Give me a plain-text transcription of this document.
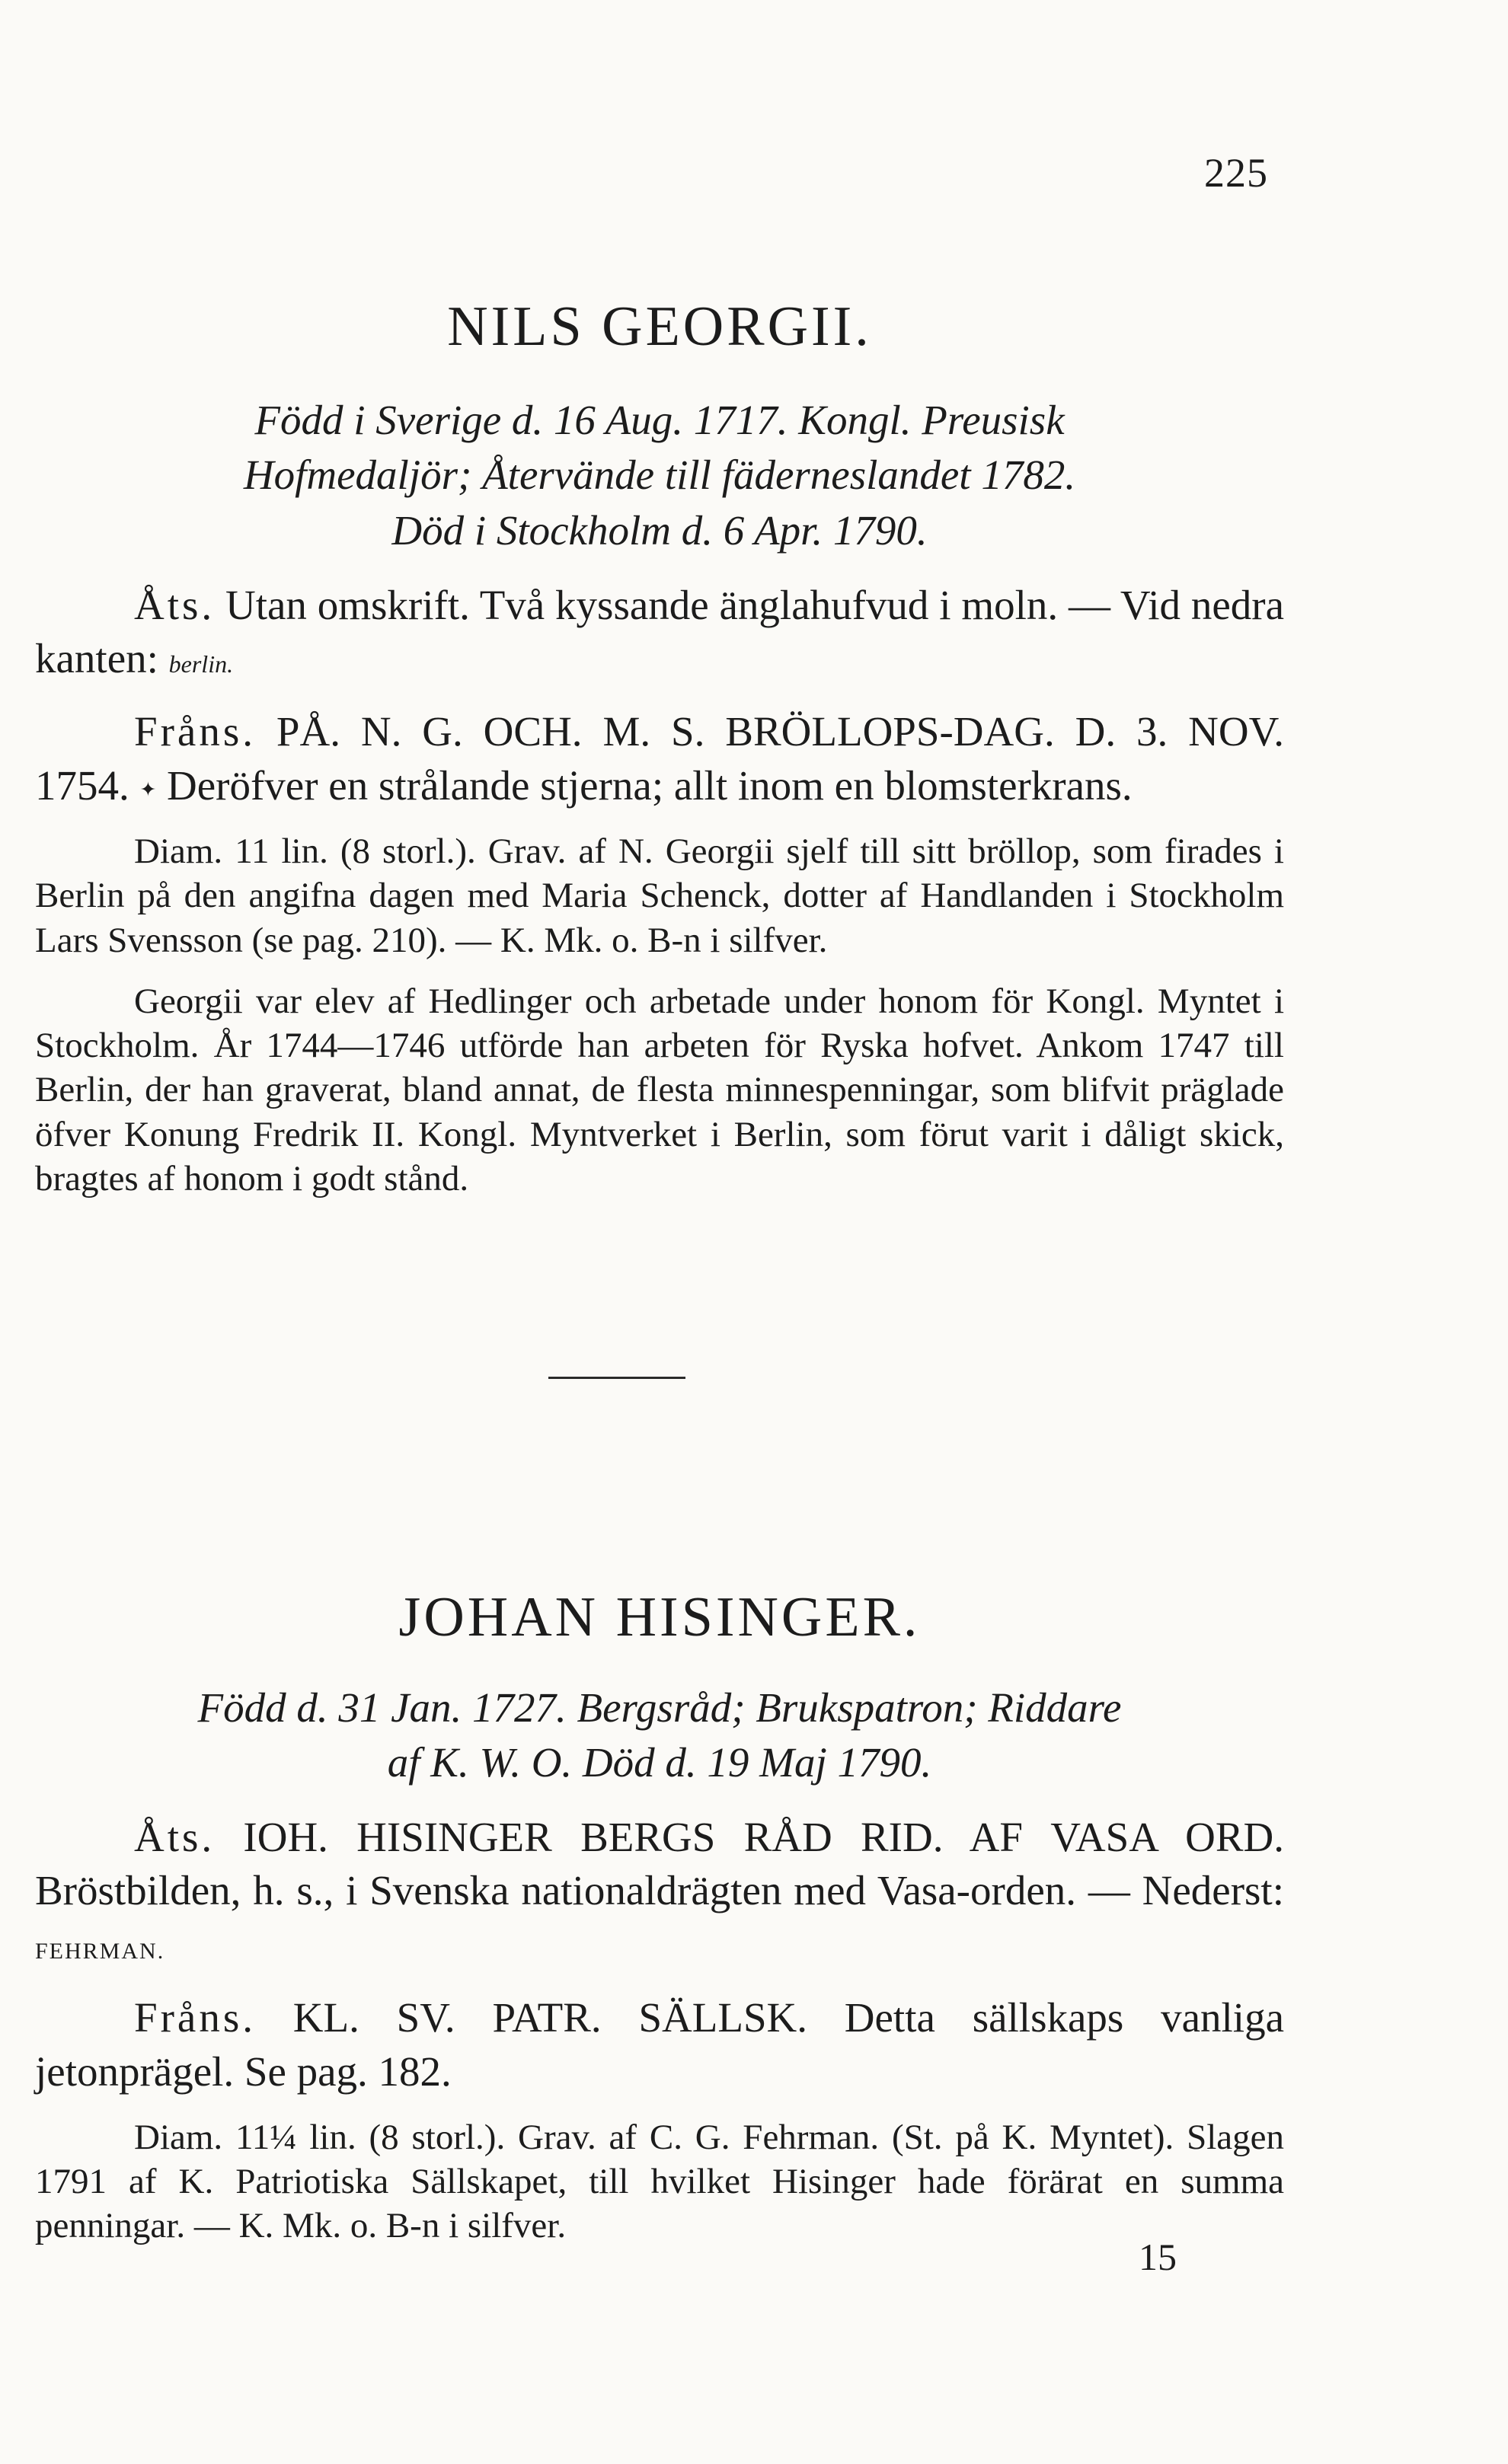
225
NILS GEORGII.
Född i Sverige d. 16 Aug. 1717. Kongl. Preusisk
Hofmedaljör; Återvände till fäderneslandet 1782.
Död i Stockholm d. 6 Apr. 1790.

Åts. Utan omskrift. Två kyssande änglahufvud i moln. — Vid nedra kanten: berlin.

Fråns. PÅ. N. G. OCH. M. S. BRÖLLOPS-DAG. D. 3. NOV. 1754. ✦ Deröfver en strålande stjerna; allt inom en blomsterkrans.

Diam. 11 lin. (8 storl.). Grav. af N. Georgii sjelf till sitt bröllop, som firades i Berlin på den angifna dagen med Maria Schenck, dotter af Handlanden i Stockholm Lars Svensson (se pag. 210). — K. Mk. o. B-n i silfver.

Georgii var elev af Hedlinger och arbetade under honom för Kongl. Myntet i Stockholm. År 1744—1746 utförde han arbeten för Ryska hofvet. Ankom 1747 till Berlin, der han graverat, bland annat, de flesta minnespenningar, som blifvit präglade öfver Konung Fredrik II. Kongl. Myntverket i Berlin, som förut varit i dåligt skick, bragtes af honom i godt stånd.

JOHAN HISINGER.
Född d. 31 Jan. 1727. Bergsråd; Brukspatron; Riddare
af K. W. O. Död d. 19 Maj 1790.

Åts. IOH. HISINGER BERGS RÅD RID. AF VASA ORD. Bröstbilden, h. s., i Svenska nationaldrägten med Vasa-orden. — Nederst: FEHRMAN.

Fråns. KL. SV. PATR. SÄLLSK. Detta sällskaps vanliga jetonprägel. Se pag. 182.

Diam. 11¼ lin. (8 storl.). Grav. af C. G. Fehrman. (St. på K. Myntet). Slagen 1791 af K. Patriotiska Sällskapet, till hvilket Hisinger hade förärat en summa penningar. — K. Mk. o. B-n i silfver.

15
